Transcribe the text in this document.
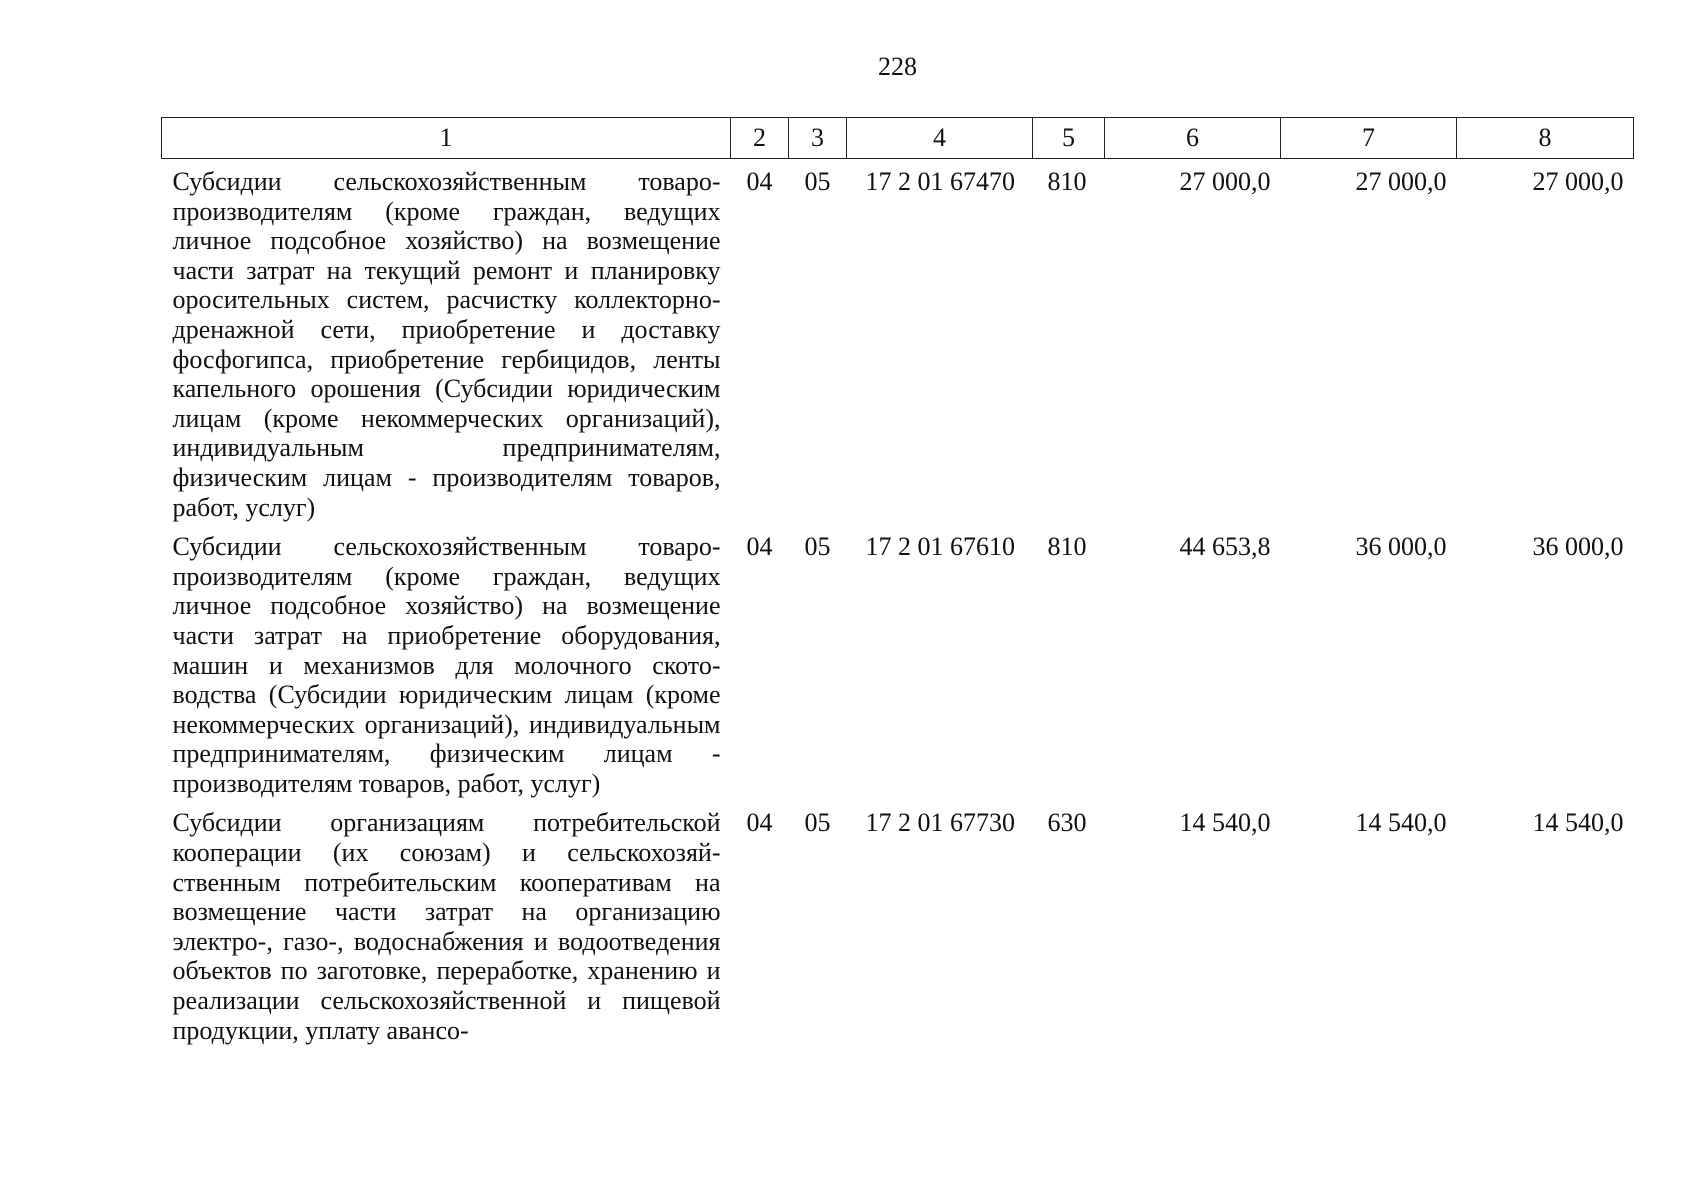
228
1	2	3	4	5	6	7	8
Субсидии сельскохозяйственным товаропроизводителям (кроме граждан, ведущих личное подсобное хозяйство) на возмещение части затрат на текущий ремонт и планировку оросительных систем, расчистку коллекторно-дренажной сети, приобретение и доставку фосфогипса, приобретение гербицидов, ленты капельного орошения (Субсидии юридическим лицам (кроме некоммерческих организаций), индивидуальным предпринимателям, физическим лицам - производителям товаров, работ, услуг)	04	05	17 2 01 67470	810	27 000,0	27 000,0	27 000,0
Субсидии сельскохозяйственным товаропроизводителям (кроме граждан, ведущих личное подсобное хозяйство) на возмещение части затрат на приобретение оборудования, машин и механизмов для молочного скотоводства (Субсидии юридическим лицам (кроме некоммерческих организаций), индивидуальным предпринимателям, физическим лицам - производителям товаров, работ, услуг)	04	05	17 2 01 67610	810	44 653,8	36 000,0	36 000,0
Субсидии организациям потребительской кооперации (их союзам) и сельскохозяйственным потребительским кооперативам на возмещение части затрат на организацию электро-, газо-, водоснабжения и водоотведения объектов по заготовке, переработке, хранению и реализации сельскохозяйственной и пищевой продукции, уплату авансо-	04	05	17 2 01 67730	630	14 540,0	14 540,0	14 540,0
